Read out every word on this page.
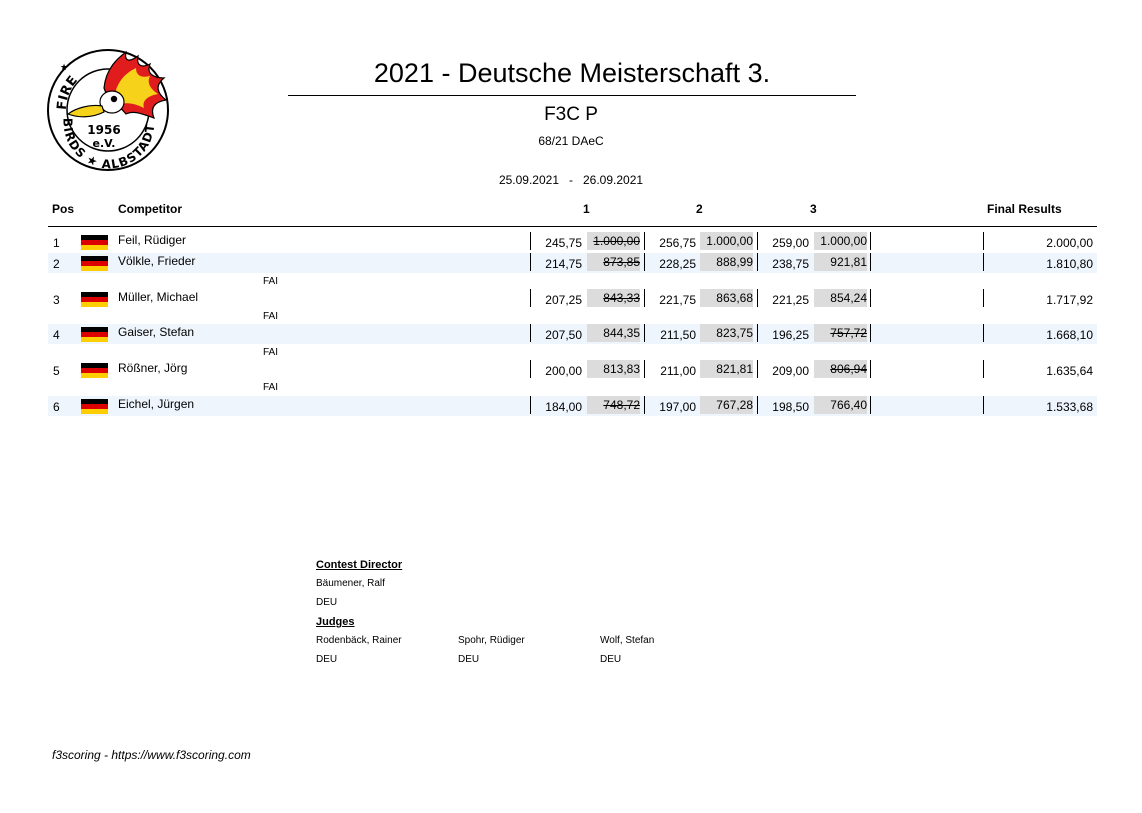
FIRE
BIRDS ★ ALBSTADT
1956
e.V.
★	2021 - Deutsche Meisterschaft 3.
F3C P
68/21 DAeC
25.09.2021 - 26.09.2021
Pos	Competitor	1	2	3	Final Results
1	Feil, Rüdiger	245,75 1.000,00	256,75 1.000,00	259,00 1.000,00	2.000,00
2	Völkle, Frieder	214,75	873,85	228,25	888,99	238,75	921,81	1.810,80
FAI
3	Müller, Michael	207,25	843,33	221,75	863,68	221,25	854,24	1.717,92
FAI
4	Gaiser, Stefan	207,50	844,35	211,50	823,75	196,25	757,72	1.668,10
FAI
5	Rößner, Jörg	200,00	813,83	211,00	821,81	209,00	806,94	1.635,64
FAI
6	Eichel, Jürgen	184,00	748,72	197,00	767,28	198,50	766,40	1.533,68
Contest Director
Bäumener, Ralf
DEU
Judges
Rodenbäck, Rainer	Spohr, Rüdiger	Wolf, Stefan
DEU	DEU	DEU
f3scoring - https://www.f3scoring.com
